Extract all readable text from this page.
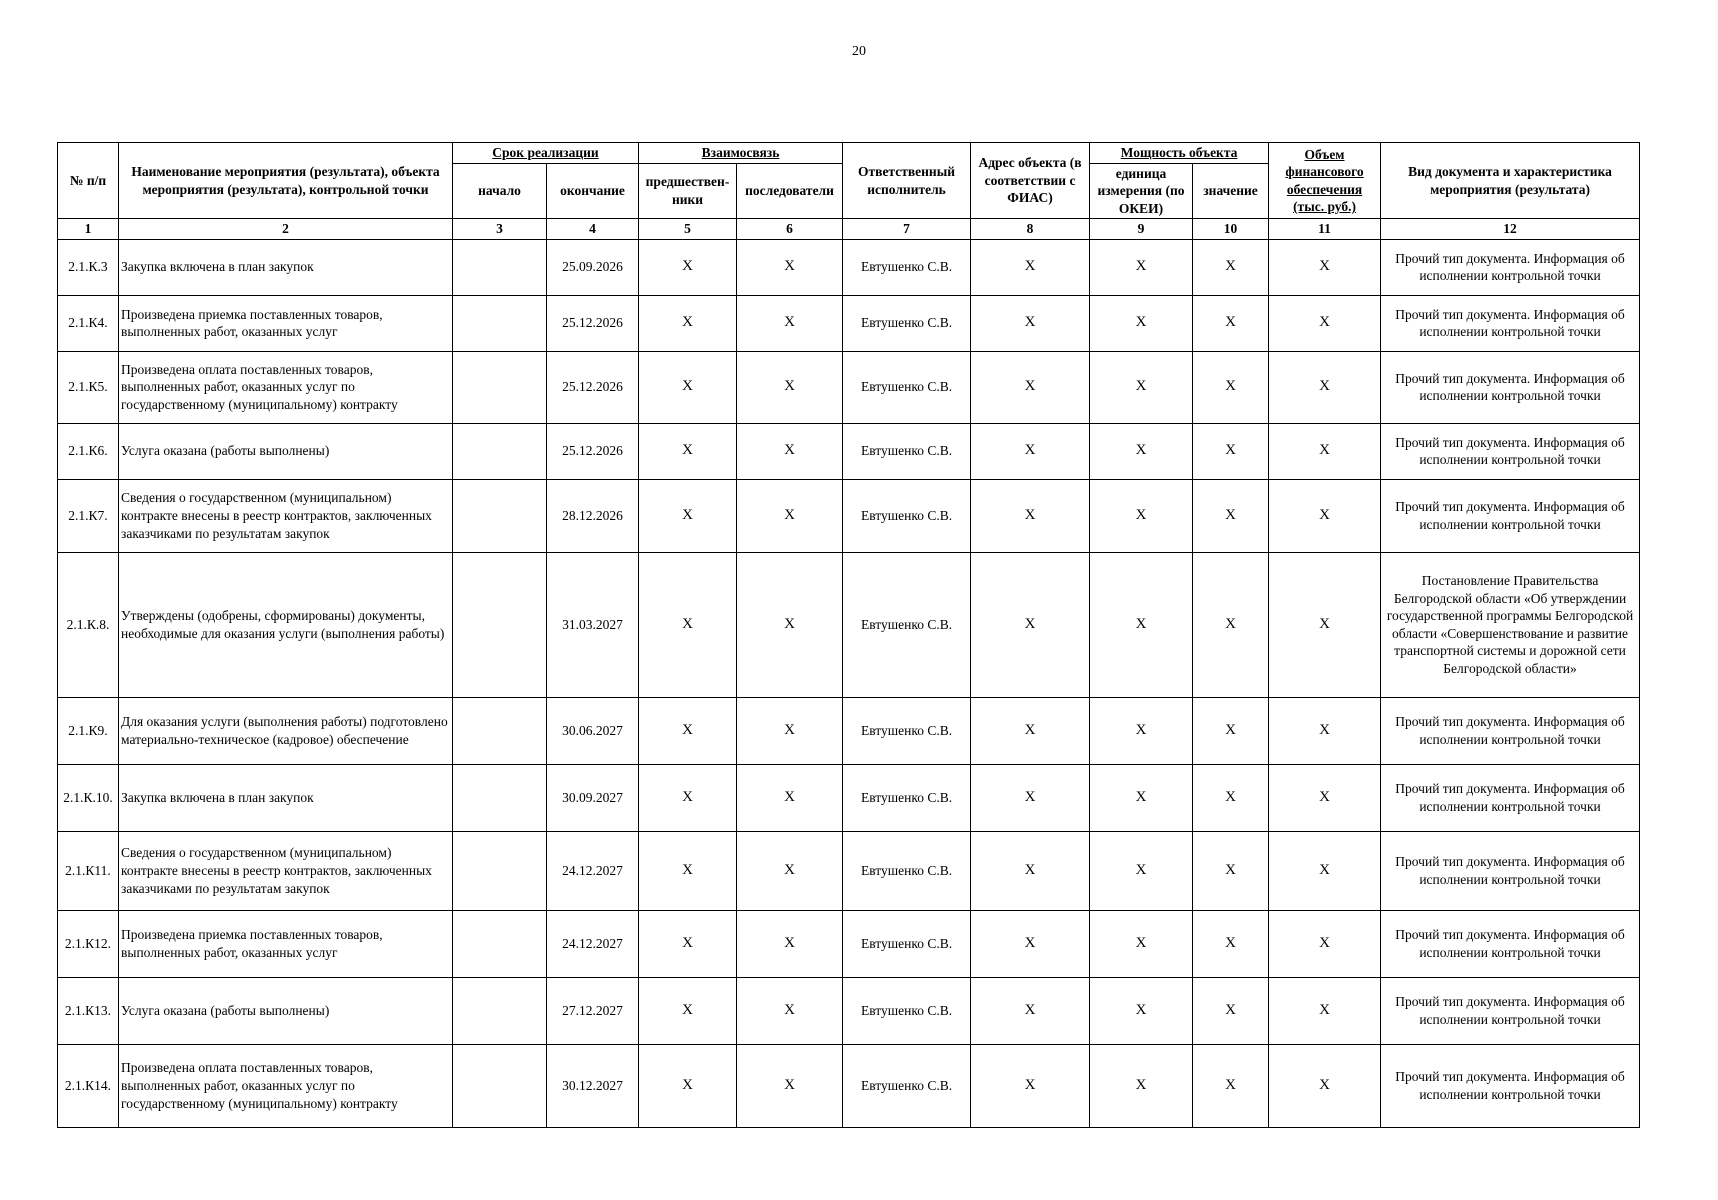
20
№ п/п	Наименование мероприятия (результата), объекта мероприятия (результата), контрольной точки	Срок реализации		Взаимосвязь		Ответственный исполнитель	Адрес объекта (в соответствии с ФИАС)	Мощность объекта		Объем финансового обеспечения (тыс. руб.)	Вид документа и характеристика мероприятия (результата)
		начало	окончание	предшествен-ники	последователи			единица измерения (по ОКЕИ)	значение		
1	2	3	4	5	6	7	8	9	10	11	12
2.1.К.3	Закупка включена в план закупок		25.09.2026	X	X	Евтушенко С.В.	X	X	X	X	Прочий тип документа. Информация об исполнении контрольной точки
2.1.К4.	Произведена приемка поставленных товаров, выполненных работ, оказанных услуг		25.12.2026	X	X	Евтушенко С.В.	X	X	X	X	Прочий тип документа. Информация об исполнении контрольной точки
2.1.К5.	Произведена оплата поставленных товаров, выполненных работ, оказанных услуг по государственному (муниципальному) контракту		25.12.2026	X	X	Евтушенко С.В.	X	X	X	X	Прочий тип документа. Информация об исполнении контрольной точки
2.1.К6.	Услуга оказана (работы выполнены)		25.12.2026	X	X	Евтушенко С.В.	X	X	X	X	Прочий тип документа. Информация об исполнении контрольной точки
2.1.К7.	Сведения о государственном (муниципальном) контракте внесены в реестр контрактов, заключенных заказчиками по результатам закупок		28.12.2026	X	X	Евтушенко С.В.	X	X	X	X	Прочий тип документа. Информация об исполнении контрольной точки
2.1.К.8.	Утверждены (одобрены, сформированы) документы, необходимые для оказания услуги (выполнения работы)		31.03.2027	X	X	Евтушенко С.В.	X	X	X	X	Постановление Правительства Белгородской области «Об утверждении государственной программы Белгородской области «Совершенствование и развитие транспортной системы и дорожной сети Белгородской области»
2.1.К9.	Для оказания услуги (выполнения работы) подготовлено материально-техническое (кадровое) обеспечение		30.06.2027	X	X	Евтушенко С.В.	X	X	X	X	Прочий тип документа. Информация об исполнении контрольной точки
2.1.К.10.	Закупка включена в план закупок		30.09.2027	X	X	Евтушенко С.В.	X	X	X	X	Прочий тип документа. Информация об исполнении контрольной точки
2.1.К11.	Сведения о государственном (муниципальном) контракте внесены в реестр контрактов, заключенных заказчиками по результатам закупок		24.12.2027	X	X	Евтушенко С.В.	X	X	X	X	Прочий тип документа. Информация об исполнении контрольной точки
2.1.К12.	Произведена приемка поставленных товаров, выполненных работ, оказанных услуг		24.12.2027	X	X	Евтушенко С.В.	X	X	X	X	Прочий тип документа. Информация об исполнении контрольной точки
2.1.К13.	Услуга оказана (работы выполнены)		27.12.2027	X	X	Евтушенко С.В.	X	X	X	X	Прочий тип документа. Информация об исполнении контрольной точки
2.1.К14.	Произведена оплата поставленных товаров, выполненных работ, оказанных услуг по государственному (муниципальному) контракту		30.12.2027	X	X	Евтушенко С.В.	X	X	X	X	Прочий тип документа. Информация об исполнении контрольной точки
